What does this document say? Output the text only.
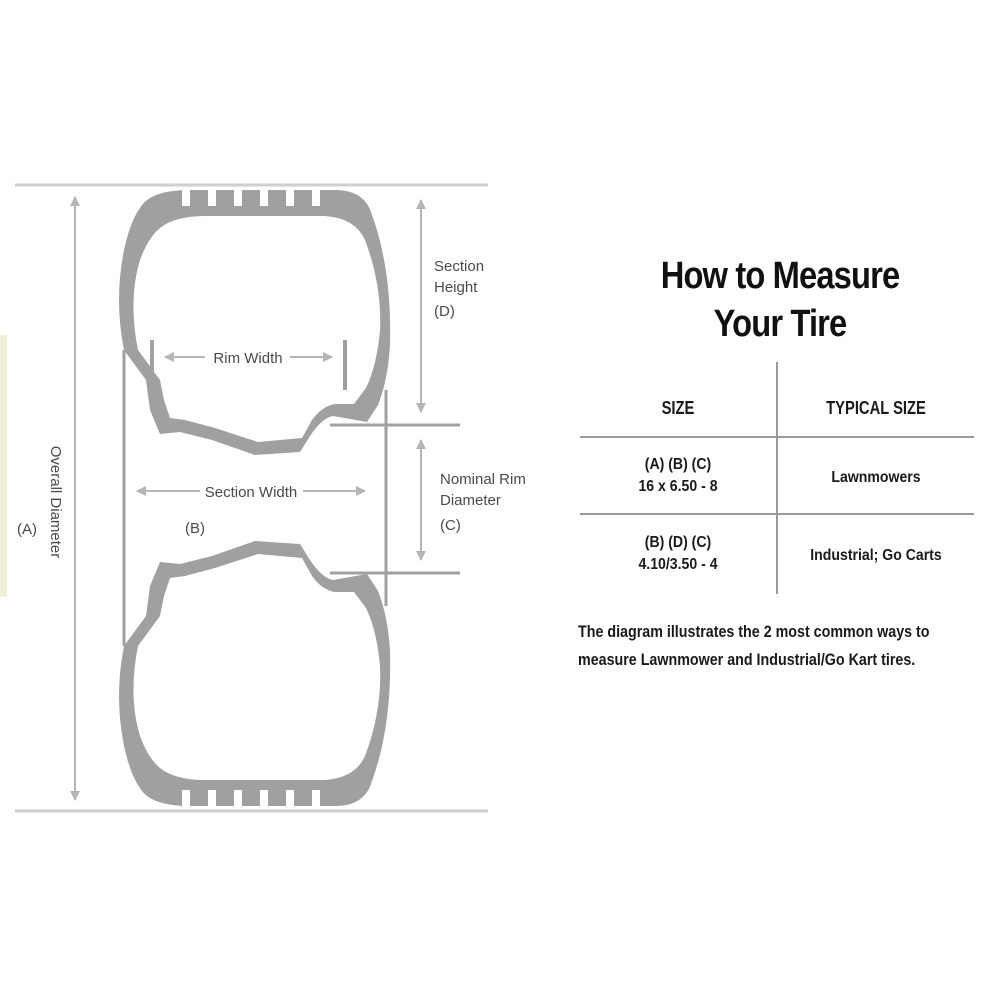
Rim Width
Section Width
(B)
(A) Overall Diameter
Section
Height
(D)
Nominal Rim
Diameter
(C)
How to Measure
Your Tire
SIZE	TYPICAL SIZE
(A) (B) (C)
16 x 6.50 - 8
Lawnmowers
(B) (D) (C)
4.10/3.50 - 4
Industrial; Go Carts
The diagram illustrates the 2 most common ways to
measure Lawnmower and Industrial/Go Kart tires.
